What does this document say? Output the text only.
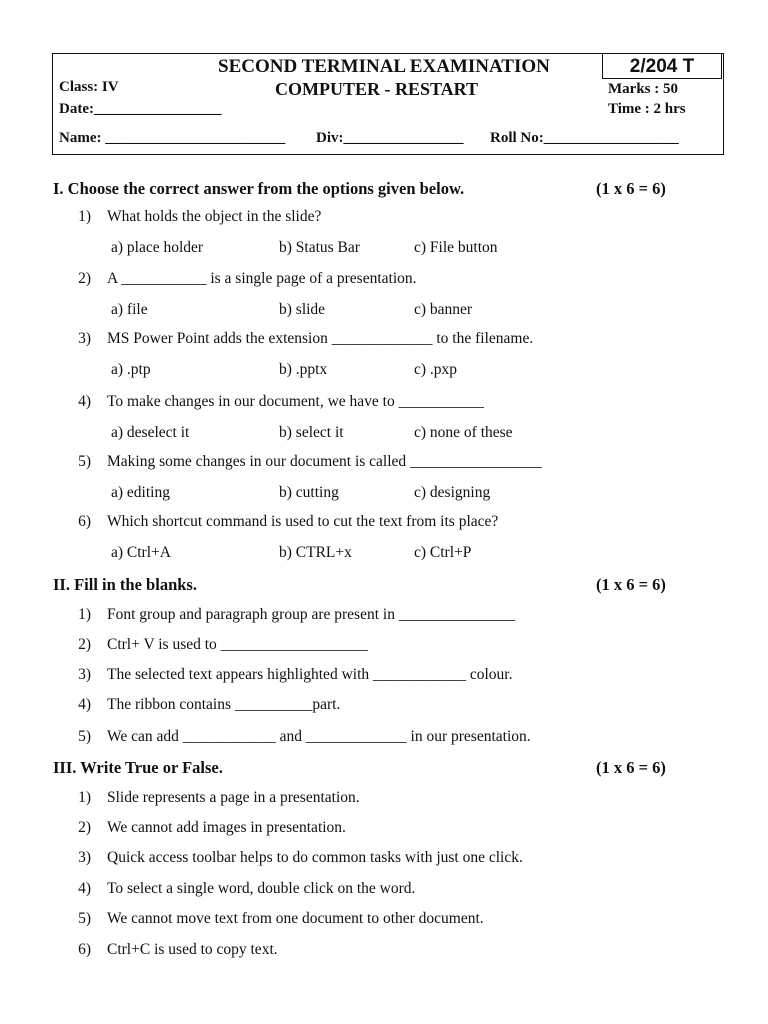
2/204 T
SECOND TERMINAL EXAMINATION
COMPUTER - RESTART
Class: IV
Date:_________________
Marks : 50
Time : 2 hrs
Name: ________________________ Div:________________ Roll No:__________________
I. Choose the correct answer from the options given below.	(1 x 6 = 6)
1) What holds the object in the slide?
a) place holder	b) Status Bar	c) File button
2) A ___________ is a single page of a presentation.
a) file	b) slide	c) banner
3) MS Power Point adds the extension _____________ to the filename.
a) .ptp	b) .pptx	c) .pxp
4) To make changes in our document, we have to ___________
a) deselect it	b) select it	c) none of these
5) Making some changes in our document is called _________________
a) editing	b) cutting	c) designing
6) Which shortcut command is used to cut the text from its place?
a) Ctrl+A	b) CTRL+x	c) Ctrl+P
II. Fill in the blanks.	(1 x 6 = 6)
1) Font group and paragraph group are present in _______________
2) Ctrl+ V is used to ___________________
3) The selected text appears highlighted with ____________ colour.
4) The ribbon contains __________part.
5) We can add ____________ and _____________ in our presentation.
III. Write True or False.	(1 x 6 = 6)
1) Slide represents a page in a presentation.
2) We cannot add images in presentation.
3) Quick access toolbar helps to do common tasks with just one click.
4) To select a single word, double click on the word.
5) We cannot move text from one document to other document.
6) Ctrl+C is used to copy text.
